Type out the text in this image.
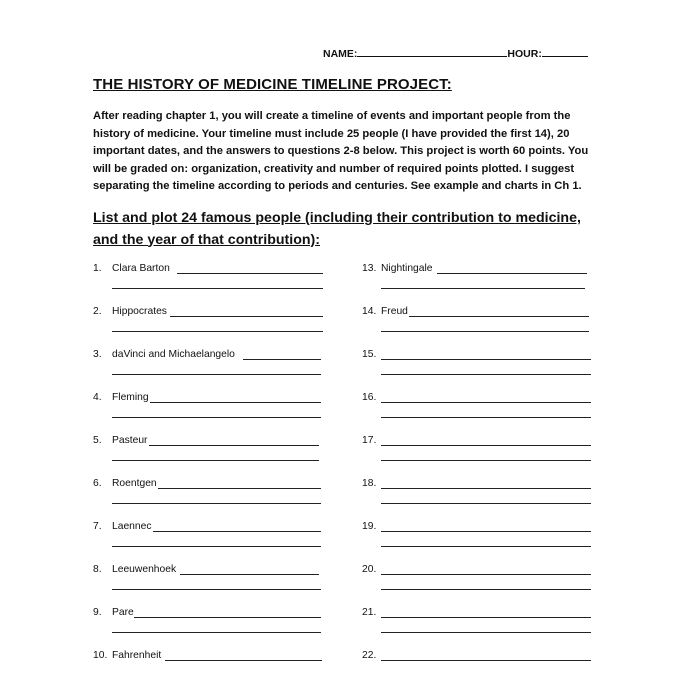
NAME:	HOUR:
THE HISTORY OF MEDICINE TIMELINE PROJECT:
After reading chapter 1, you will create a timeline of events and important people from the history of medicine. Your timeline must include 25 people (I have provided the first 14), 20 important dates, and the answers to questions 2-8 below. This project is worth 60 points. You will be graded on: organization, creativity and number of required points plotted. I suggest separating the timeline according to periods and centuries. See example and charts in Ch 1.
List and plot 24 famous people (including their contribution to medicine, and the year of that contribution):
1. Clara Barton
2. Hippocrates
3. daVinci and Michaelangelo
4. Fleming
5. Pasteur
6. Roentgen
7. Laennec
8. Leeuwenhoek
9. Pare
10. Fahrenheit
13. Nightingale
14. Freud
15.
16.
17.
18.
19.
20.
21.
22.
